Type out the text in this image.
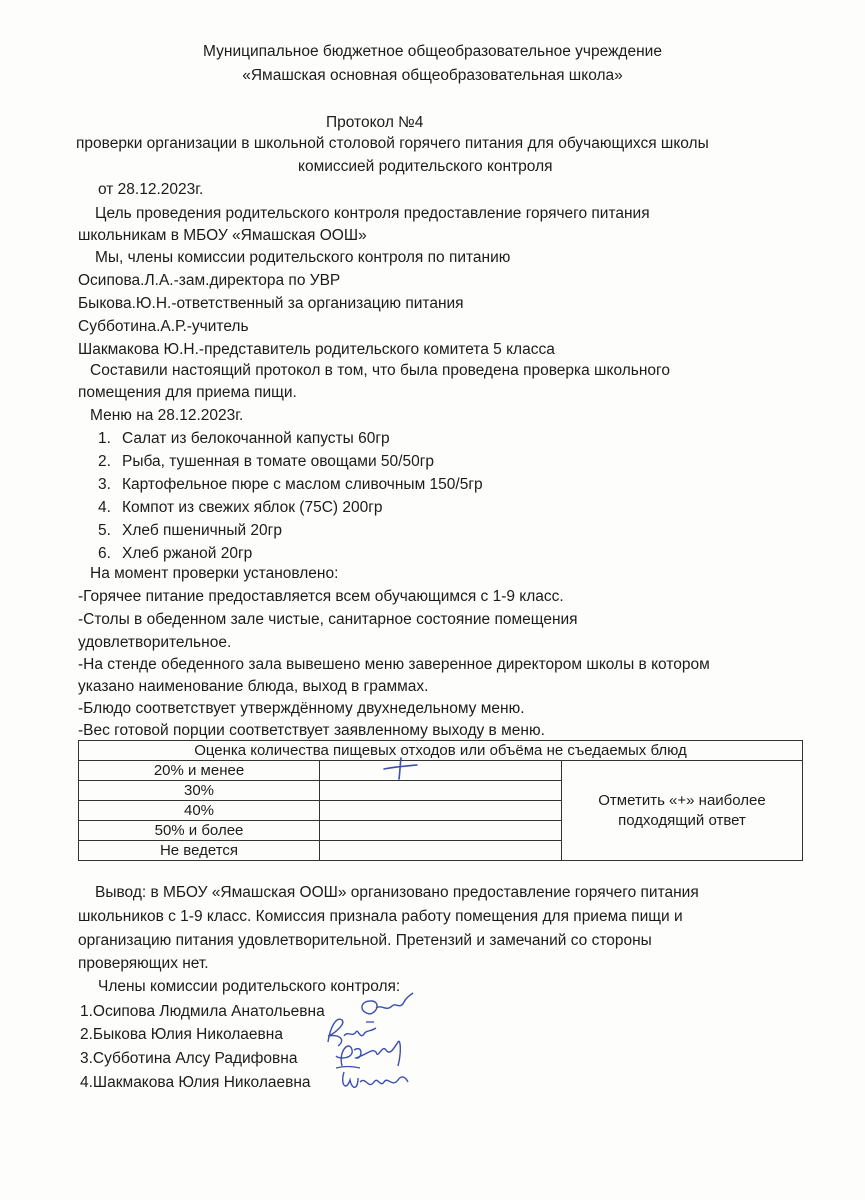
Муниципальное бюджетное общеобразовательное учреждение
«Ямашская основная общеобразовательная школа»
Протокол №4
проверки организации в школьной столовой горячего питания для обучающихся школы
комиссией родительского контроля
от 28.12.2023г.
Цель проведения родительского контроля предоставление горячего питания
школьникам в МБОУ «Ямашская ООШ»
Мы, члены комиссии родительского контроля по питанию
Осипова.Л.А.-зам.директора по УВР
Быкова.Ю.Н.-ответственный за организацию питания
Субботина.А.Р.-учитель
Шакмакова Ю.Н.-представитель родительского комитета 5 класса
Составили настоящий протокол в том, что была проведена проверка школьного
помещения для приема пищи.
Меню на 28.12.2023г.
1. Салат из белокочанной капусты 60гр
2. Рыба, тушенная в томате овощами 50/50гр
3. Картофельное пюре с маслом сливочным 150/5гр
4. Компот из свежих яблок (75С) 200гр
5. Хлеб пшеничный 20гр
6. Хлеб ржаной 20гр
На момент проверки установлено:
-Горячее питание предоставляется всем обучающимся с 1-9 класс.
-Столы в обеденном зале чистые, санитарное состояние помещения
удовлетворительное.
-На стенде обеденного зала вывешено меню заверенное директором школы в котором
указано наименование блюда, выход в граммах.
-Блюдо соответствует утверждённому двухнедельному меню.
-Вес готовой порции соответствует заявленному выходу в меню.
Оценка количества пищевых отходов или объёма не съедаемых блюд		
20% и менее		Отметить «+» наиболее
подходящий ответ

30%		
40%		
50% и более		
Не ведется		
Вывод: в МБОУ «Ямашская ООШ» организовано предоставление горячего питания
школьников с 1-9 класс. Комиссия признала работу помещения для приема пищи и
организацию питания удовлетворительной. Претензий и замечаний со стороны
проверяющих нет.
Члены комиссии родительского контроля:
1.Осипова Людмила Анатольевна
2.Быкова Юлия Николаевна
3.Субботина Алсу Радифовна
4.Шакмакова Юлия Николаевна
